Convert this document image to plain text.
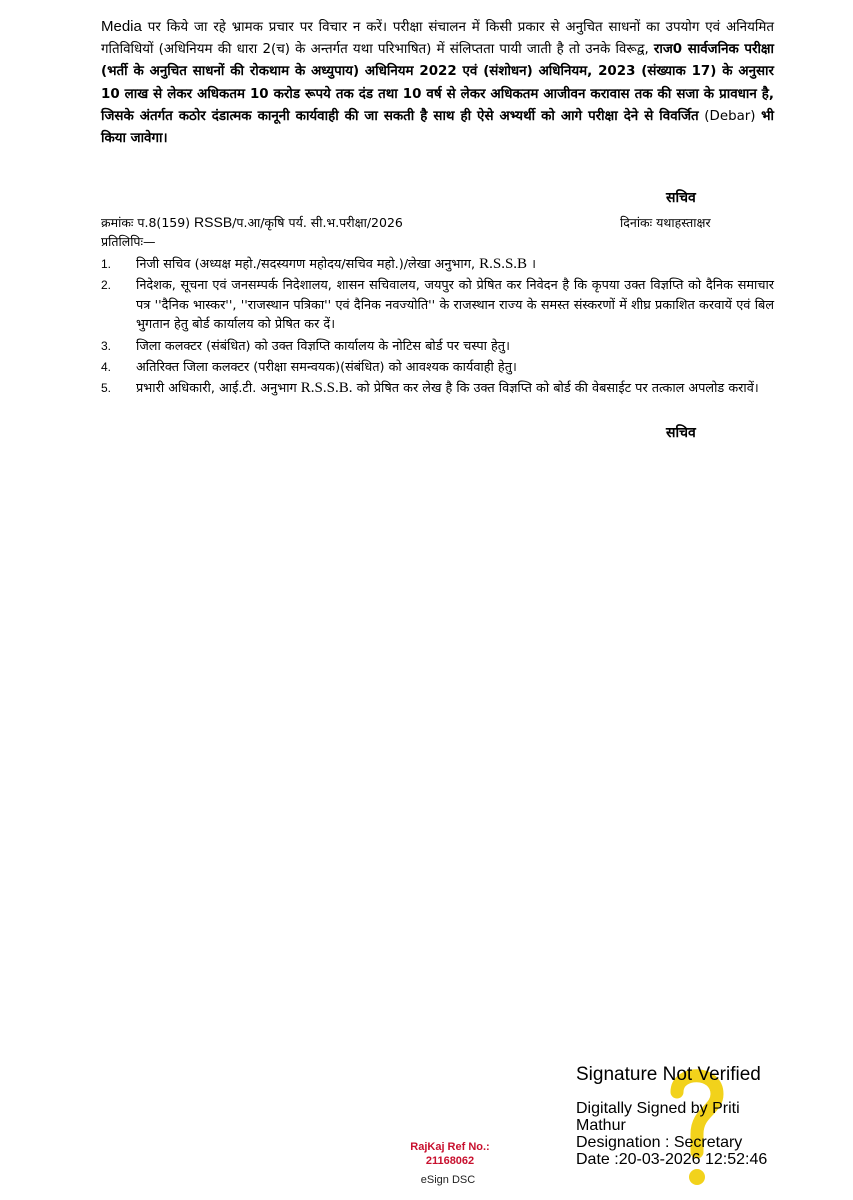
Media पर किये जा रहे भ्रामक प्रचार पर विचार न करें। परीक्षा संचालन में किसी प्रकार से अनुचित साधनों का उपयोग एवं अनियमित गतिविधियों (अधिनियम की धारा 2(च) के अन्तर्गत यथा परिभाषित) में संलिप्तता पायी जाती है तो उनके विरूद्व, राज0 सार्वजनिक परीक्षा (भर्ती के अनुचित साधनों की रोकथाम के अध्युपाय) अधिनियम 2022 एवं (संशोधन) अधिनियम, 2023 (संख्याक 17) के अनुसार 10 लाख से लेकर अधिकतम 10 करोड रूपये तक दंड तथा 10 वर्ष से लेकर अधिकतम आजीवन करावास तक की सजा के प्रावधान है, जिसके अंतर्गत कठोर दंडात्मक कानूनी कार्यवाही की जा सकती है साथ ही ऐसे अभ्यर्थी को आगे परीक्षा देने से विवर्जित (Debar) भी किया जावेगा।
सचिव
क्रमांकः प.8(159) RSSB/प.आ/कृषि पर्य. सी.भ.परीक्षा/2026	दिनांकः यथाहस्ताक्षर
प्रतिलिपिः—
1. निजी सचिव (अध्यक्ष महो./सदस्यगण महोदय/सचिव महो.)/लेखा अनुभाग, R.S.S.B ।
2. निदेशक, सूचना एवं जनसम्पर्क निदेशालय, शासन सचिवालय, जयपुर को प्रेषित कर निवेदन है कि कृपया उक्त विज्ञप्ति को दैनिक समाचार पत्र ''दैनिक भास्कर'', ''राजस्थान पत्रिका'' एवं दैनिक नवज्योति'' के राजस्थान राज्य के समस्त संस्करणों में शीघ्र प्रकाशित करवायें एवं बिल भुगतान हेतु बोर्ड कार्यालय को प्रेषित कर दें।
3. जिला कलक्टर (संबंधित) को उक्त विज्ञप्ति कार्यालय के नोटिस बोर्ड पर चस्पा हेतु।
4. अतिरिक्त जिला कलक्टर (परीक्षा समन्वयक)(संबंधित) को आवश्यक कार्यवाही हेतु।
5. प्रभारी अधिकारी, आई.टी. अनुभाग R.S.S.B. को प्रेषित कर लेख है कि उक्त विज्ञप्ति को बोर्ड की वेबसाईट पर तत्काल अपलोड करावें।
सचिव
Signature Not Verified
Digitally Signed by Priti
Mathur
Designation : Secretary
Date :20-03-2026 12:52:46
RajKaj Ref No.:
21168062
eSign DSC
